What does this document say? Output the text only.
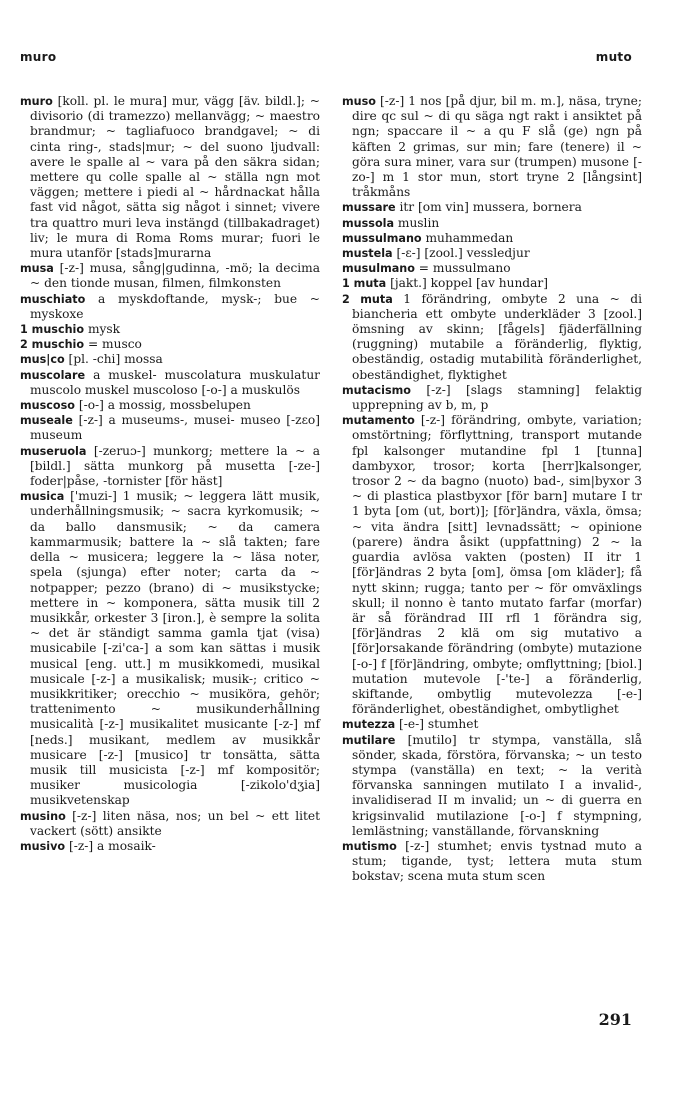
muro	muto

muro [koll. pl. le mura] mur, vägg [äv. bildl.]; ~ divisorio (di tramezzo) mellanvägg; ~ maestro brandmur; ~ tagliafuoco brandgavel; ~ di cinta ring-, stads|mur; ~ del suono ljudvall: avere le spalle al ~ vara på den säkra sidan; mettere qu colle spalle al ~ ställa ngn mot väggen; mettere i piedi al ~ hårdnackat hålla fast vid något, sätta sig något i sinnet; vivere tra quattro muri leva instängd (tillbakadraget) liv; le mura di Roma Roms murar; fuori le mura utanför [stads]murarna

musa [-z-] musa, sång|gudinna, -mö; la decima ~ den tionde musan, filmen, filmkonsten

muschiato a myskdoftande, mysk-; bue ~ myskoxe

1 muschio mysk

2 muschio = musco

mus|co [pl. -chi] mossa

muscolare a muskel- muscolatura muskulatur muscolo muskel muscoloso [-o-] a muskulös

muscoso [-o-] a mossig, mossbelupen

museale [-z-] a museums-, musei- museo [-zεo] museum

museruola [-zeruɔ-] munkorg; mettere la ~ a [bildl.] sätta munkorg på musetta [-ze-] foder|påse, -tornister [för häst]

musica ['muzi-] 1 musik; ~ leggera lätt musik, underhållningsmusik; ~ sacra kyrkomusik; ~ da ballo dansmusik; ~ da camera kammarmusik; battere la ~ slå takten; fare della ~ musicera; leggere la ~ läsa noter, spela (sjunga) efter noter; carta da ~ notpapper; pezzo (brano) di ~ musikstycke; mettere in ~ komponera, sätta musik till 2 musikkår, orkester 3 [iron.], è sempre la solita ~ det är ständigt samma gamla tjat (visa) musicabile [-zi'ca-] a som kan sättas i musik musical [eng. utt.] m musikkomedi, musikal musicale [-z-] a musikalisk; musik-; critico ~ musikkritiker; orecchio ~ musiköra, gehör; trattenimento ~ musikunderhållning musicalità [-z-] musikalitet musicante [-z-] mf [neds.] musikant, medlem av musikkår musicare [-z-] [musico] tr tonsätta, sätta musik till musicista [-z-] mf kompositör; musiker musicologia [-zikolo'dʒia] musikvetenskap

musino [-z-] liten näsa, nos; un bel ~ ett litet vackert (sött) ansikte

musivo [-z-] a mosaik-

muso [-z-] 1 nos [på djur, bil m. m.], näsa, tryne; dire qc sul ~ di qu säga ngt rakt i ansiktet på ngn; spaccare il ~ a qu F slå (ge) ngn på käften 2 grimas, sur min; fare (tenere) il ~ göra sura miner, vara sur (trumpen) musone [-zo-] m 1 stor mun, stort tryne 2 [långsint] tråkmåns

mussare itr [om vin] mussera, bornera

mussola muslin

mussulmano muhammedan

mustela [-ε-] [zool.] vessledjur

musulmano = mussulmano

1 muta [jakt.] koppel [av hundar]

2 muta 1 förändring, ombyte 2 una ~ di biancheria ett ombyte underkläder 3 [zool.] ömsning av skinn; [fågels] fjäderfällning (ruggning) mutabile a föränderlig, flyktig, obeständig, ostadig mutabilità föränderlighet, obeständighet, flyktighet

mutacismo [-z-] [slags stamning] felaktig upprepning av b, m, p

mutamento [-z-] förändring, ombyte, variation; omstörtning; förflyttning, transport mutande fpl kalsonger mutandine fpl 1 [tunna] dambyxor, trosor; korta [herr]kalsonger, trosor 2 ~ da bagno (nuoto) bad-, sim|byxor 3 ~ di plastica plastbyxor [för barn] mutare I tr 1 byta [om (ut, bort)]; [för]ändra, växla, ömsa; ~ vita ändra [sitt] levnadssätt; ~ opinione (parere) ändra åsikt (uppfattning) 2 ~ la guardia avlösa vakten (posten) II itr 1 [för]ändras 2 byta [om], ömsa [om kläder]; få nytt skinn; rugga; tanto per ~ för omväxlings skull; il nonno è tanto mutato farfar (morfar) är så förändrad III rfl 1 förändra sig, [för]ändras 2 klä om sig mutativo a [för]orsakande förändring (ombyte) mutazione [-o-] f [för]ändring, ombyte; omflyttning; [biol.] mutation mutevole [-'te-] a föränderlig, skiftande, ombytlig mutevolezza [-e-] föränderlighet, obeständighet, ombytlighet

mutezza [-e-] stumhet

mutilare [mutilo] tr stympa, vanställa, slå sönder, skada, förstöra, förvanska; ~ un testo stympa (vanställa) en text; ~ la verità förvanska sanningen mutilato I a invalid-, invalidiserad II m invalid; un ~ di guerra en krigsinvalid mutilazione [-o-] f stympning, lemlästning; vanställande, förvanskning

mutismo [-z-] stumhet; envis tystnad muto a stum; tigande, tyst; lettera muta stum bokstav; scena muta stum scen

291
